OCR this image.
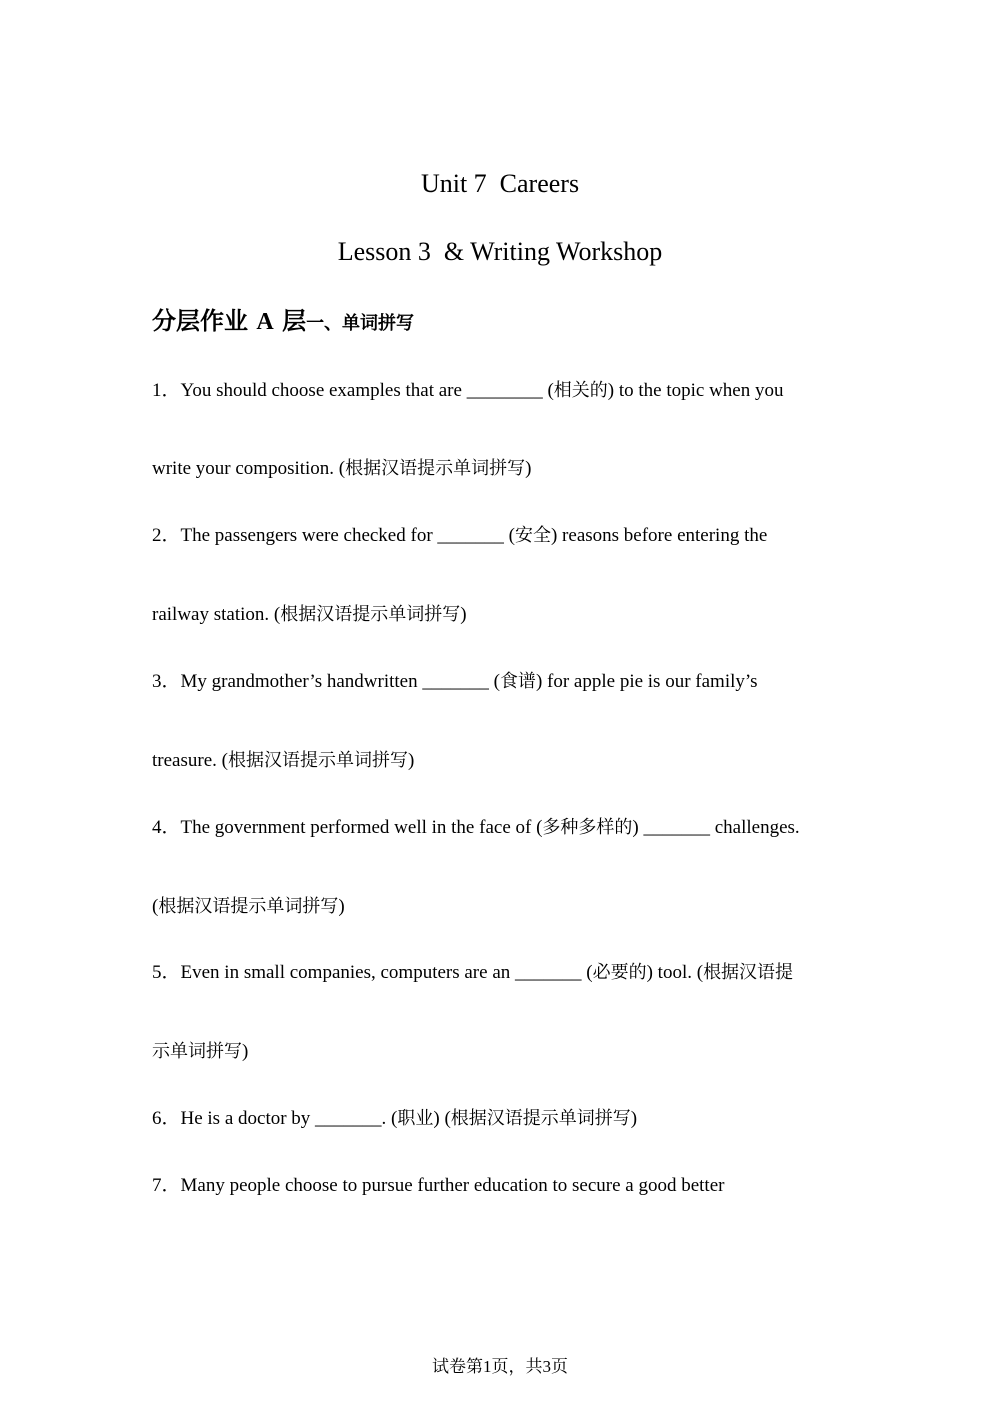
Unit 7  Careers
Lesson 3  & Writing Workshop
分层作业 A 层一、单词拼写
1．You should choose examples that are ________ (相关的) to the topic when you
write your composition. (根据汉语提示单词拼写)
2．The passengers were checked for _______ (安全) reasons before entering the
railway station. (根据汉语提示单词拼写)
3．My grandmother’s handwritten _______ (食谱) for apple pie is our family’s
treasure. (根据汉语提示单词拼写)
4．The government performed well in the face of (多种多样的) _______ challenges.
(根据汉语提示单词拼写)
5．Even in small companies, computers are an _______ (必要的) tool. (根据汉语提
示单词拼写)
6．He is a doctor by _______. (职业) (根据汉语提示单词拼写)
7．Many people choose to pursue further education to secure a good better
试卷第1页，共3页
